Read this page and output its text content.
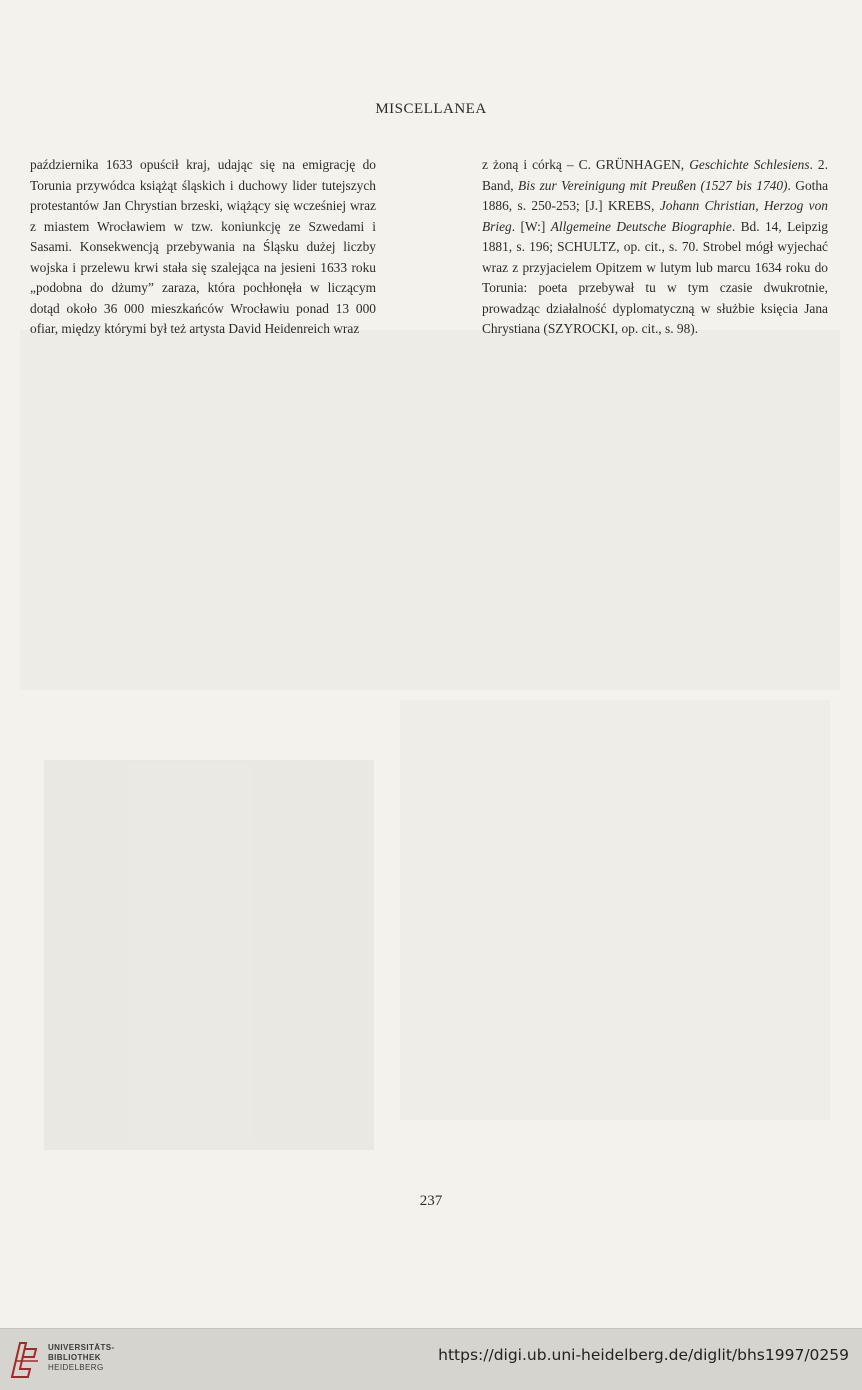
MISCELLANEA

października 1633 opuścił kraj, udając się na emigrację do Torunia przywódca książąt śląskich i duchowy lider tutejszych protestantów Jan Chrystian brzeski, wiążący się wcześniej wraz z miastem Wrocławiem w tzw. koniunkcję ze Szwedami i Sasami. Konsekwencją przebywania na Śląsku dużej liczby wojska i przelewu krwi stała się szalejąca na jesieni 1633 roku „podobna do dżumy” zaraza, która pochłonęła w liczącym dotąd około 36 000 mieszkańców Wrocławiu ponad 13 000 ofiar, między którymi był też artysta David Heidenreich wraz

z żoną i córką – C. GRÜNHAGEN, Geschichte Schlesiens. 2. Band, Bis zur Vereinigung mit Preußen (1527 bis 1740). Gotha 1886, s. 250-253; [J.] KREBS, Johann Christian, Herzog von Brieg. [W:] Allgemeine Deutsche Biographie. Bd. 14, Leipzig 1881, s. 196; SCHULTZ, op. cit., s. 70. Strobel mógł wyjechać wraz z przyjacielem Opitzem w lutym lub marcu 1634 roku do Torunia: poeta przebywał tu w tym czasie dwukrotnie, prowadząc działalność dyplomatyczną w służbie księcia Jana Chrystiana (SZYROCKI, op. cit., s. 98).

237
UNIVERSITÄTS-
BIBLIOTHEK
HEIDELBERG
https://digi.ub.uni-heidelberg.de/diglit/bhs1997/0259
